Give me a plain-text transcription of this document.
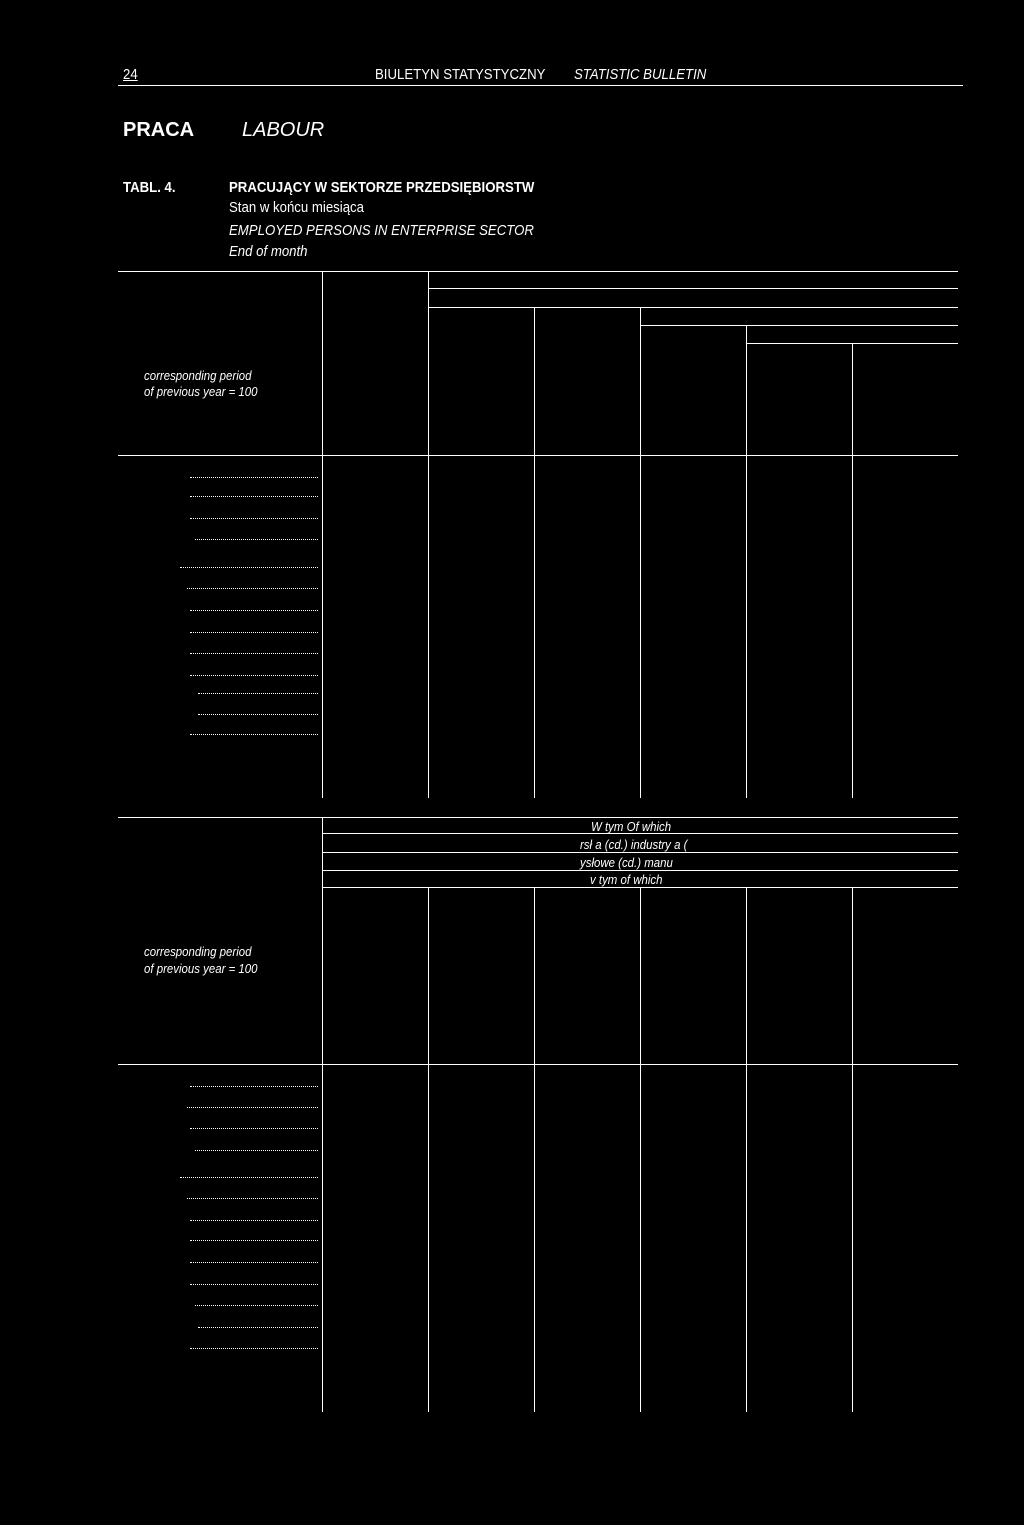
24	BIULETYN STATYSTYCZNY STATISTIC BULLETIN
PRACA LABOUR
TABL. 4.	PRACUJĄCY W SEKTORZE PRZEDSIĘBIORSTW
Stan w końcu miesiąca
EMPLOYED PERSONS IN ENTERPRISE SECTOR
End of month
corresponding period
of previous year = 100
W tym Of which
rsł a (cd.) industry a (
ysłowe (cd.) manu
v tym of which
corresponding period
of previous year = 100
